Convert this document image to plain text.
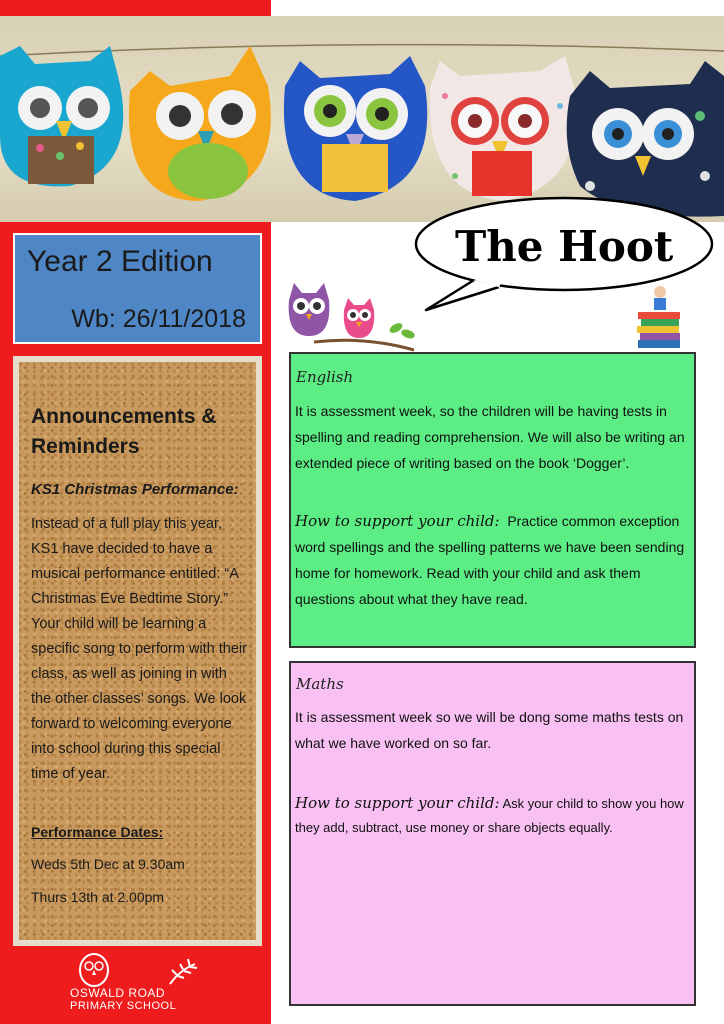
Year 2 Edition
Wb: 26/11/2018
Announcements & Reminders
KS1 Christmas Performance:
Instead of a full play this year, KS1 have decided to have a musical performance entitled: “A Christmas Eve Bedtime Story.” Your child will be learning a specific song to perform with their class, as well as joining in with the other classes’ songs. We look forward to welcoming everyone into school during this special time of year.
Performance Dates:
Weds 5th Dec at 9.30am
Thurs 13th at 2.00pm
OSWALD ROAD
PRIMARY SCHOOL
The Hoot
English
It is assessment week, so the children will be having tests in spelling and reading comprehension. We will also be writing an extended piece of writing based on the book ‘Dogger’.
How to support your child: Practice common exception word spellings and the spelling patterns we have been sending home for homework. Read with your child and ask them questions about what they have read.
Maths
It is assessment week so we will be dong some maths tests on what we have worked on so far.
How to support your child: Ask your child to show you how they add, subtract, use money or share objects equally.
